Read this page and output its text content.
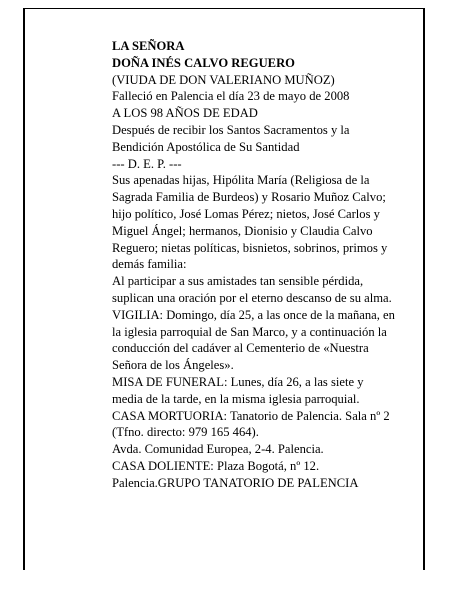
LA SEÑORA
DOÑA INÉS CALVO REGUERO
(VIUDA DE DON VALERIANO MUÑOZ)
Falleció en Palencia el día 23 de mayo de 2008
A LOS 98 AÑOS DE EDAD
Después de recibir los Santos Sacramentos y la
Bendición Apostólica de Su Santidad
--- D. E. P. ---
Sus apenadas hijas, Hipólita María (Religiosa de la
Sagrada Familia de Burdeos) y Rosario Muñoz Calvo;
hijo político, José Lomas Pérez; nietos, José Carlos y
Miguel Ángel; hermanos, Dionisio y Claudia Calvo
Reguero; nietas políticas, bisnietos, sobrinos, primos y
demás familia:
Al participar a sus amistades tan sensible pérdida,
suplican una oración por el eterno descanso de su alma.
VIGILIA: Domingo, día 25, a las once de la mañana, en
la iglesia parroquial de San Marco, y a continuación la
conducción del cadáver al Cementerio de «Nuestra
Señora de los Ángeles».
MISA DE FUNERAL: Lunes, día 26, a las siete y
media de la tarde, en la misma iglesia parroquial.
CASA MORTUORIA: Tanatorio de Palencia. Sala nº 2
(Tfno. directo: 979 165 464).
Avda. Comunidad Europea, 2-4. Palencia.
CASA DOLIENTE: Plaza Bogotá, nº 12.
Palencia.GRUPO TANATORIO DE PALENCIA
